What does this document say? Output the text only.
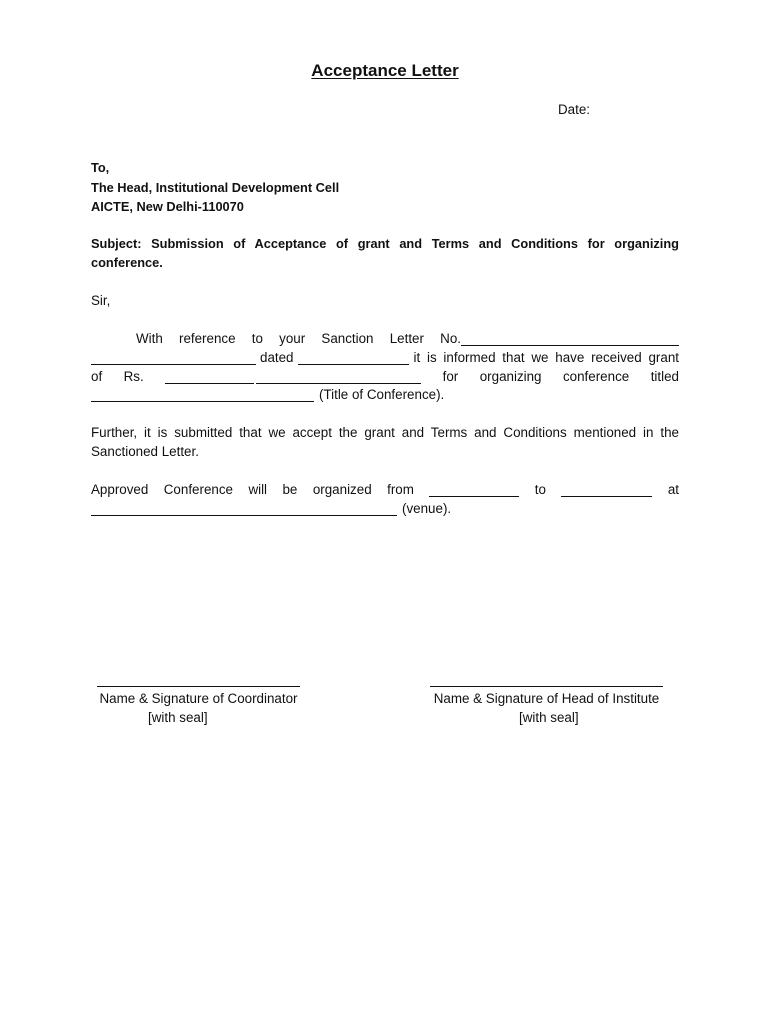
Acceptance Letter
Date:
To,
The Head, Institutional Development Cell
AICTE, New Delhi-110070
Subject: Submission of Acceptance of grant and Terms and Conditions for organizing
conference.
Sir,
With reference to your Sanction Letter No.
dated	it is informed that we have received grant
of Rs.	for organizing conference titled
(Title of Conference).
Further, it is submitted that we accept the grant and Terms and Conditions mentioned in the
Sanctioned Letter.
Approved Conference will be organized from	to	at
(venue).
Name & Signature of Coordinator
[with seal]
Name & Signature of Head of Institute
[with seal]
